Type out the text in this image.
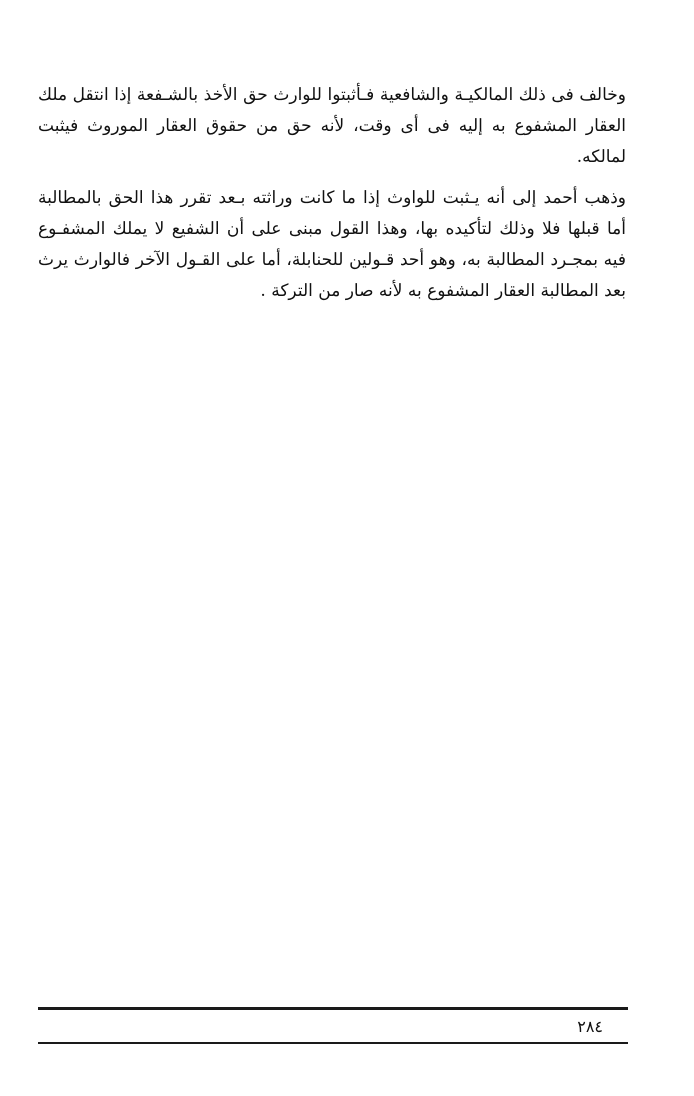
وخالف فى ذلك المالكيـة والشافعية فـأثبتوا للوارث حق الأخذ بالشـفعة إذا انتقل ملك العقار المشفوع به إليه فى أى وقت، لأنه حق من حقوق العقار الموروث فيثبت لمالكه.

وذهب أحمد إلى أنه يـثبت للواوث إذا ما كانت وراثته بـعد تقرر هذا الحق بالمطالبة أما قبلها فلا وذلك لتأكيده بها، وهذا القول مبنى على أن الشفيع لا يملك المشفـوع فيه بمجـرد المطالبة به، وهو أحد قـولين للحنابلة، أما على القـول الآخر فالوارث يرث بعد المطالبة العقار المشفوع به لأنه صار من التركة .

٢٨٤
